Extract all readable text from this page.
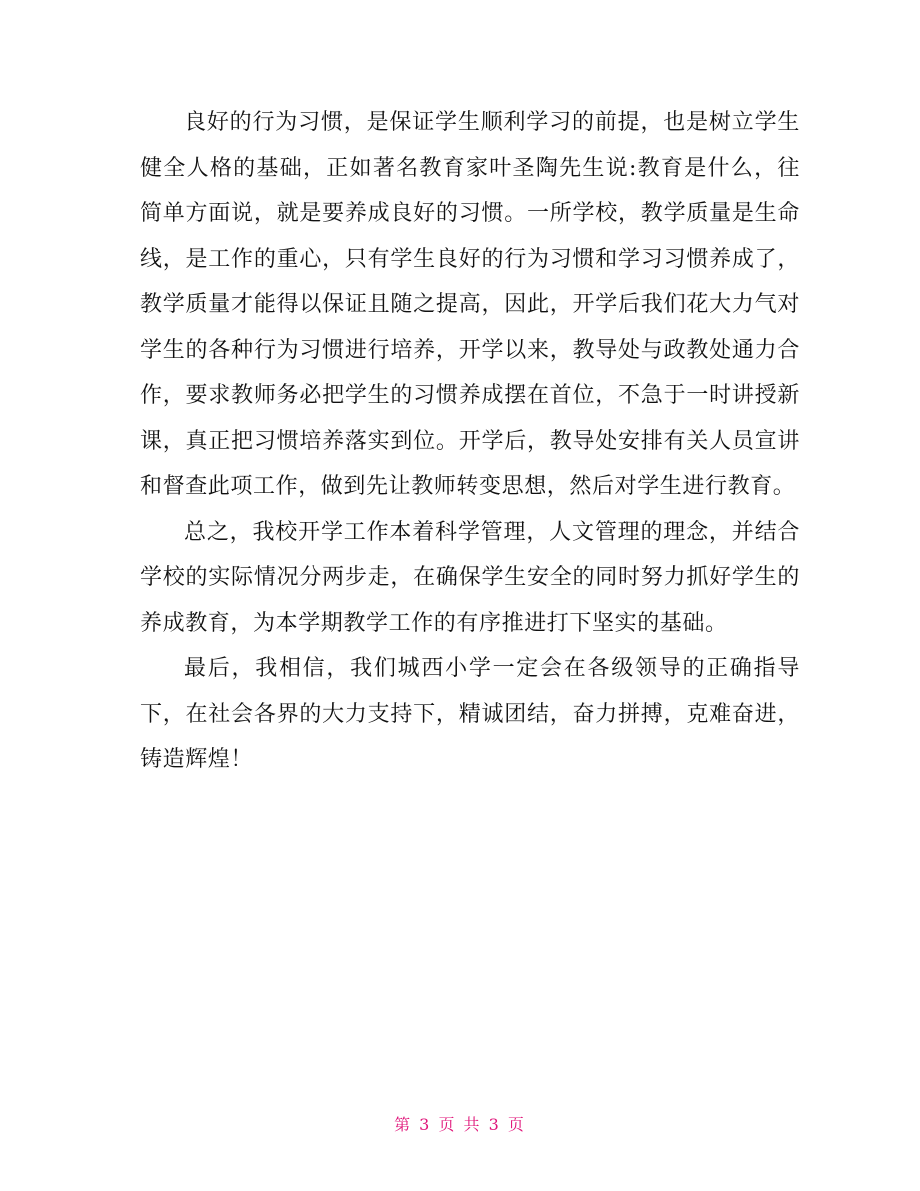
良好的行为习惯，是保证学生顺利学习的前提，也是树立学生健全人格的基础，正如著名教育家叶圣陶先生说:教育是什么，往简单方面说，就是要养成良好的习惯。一所学校，教学质量是生命线，是工作的重心，只有学生良好的行为习惯和学习习惯养成了，教学质量才能得以保证且随之提高，因此，开学后我们花大力气对学生的各种行为习惯进行培养，开学以来，教导处与政教处通力合作，要求教师务必把学生的习惯养成摆在首位，不急于一时讲授新课，真正把习惯培养落实到位。开学后，教导处安排有关人员宣讲和督查此项工作，做到先让教师转变思想，然后对学生进行教育。

总之，我校开学工作本着科学管理，人文管理的理念，并结合学校的实际情况分两步走，在确保学生安全的同时努力抓好学生的养成教育，为本学期教学工作的有序推进打下坚实的基础。

最后，我相信，我们城西小学一定会在各级领导的正确指导下，在社会各界的大力支持下，精诚团结，奋力拼搏，克难奋进，铸造辉煌！

第 3 页 共 3 页
